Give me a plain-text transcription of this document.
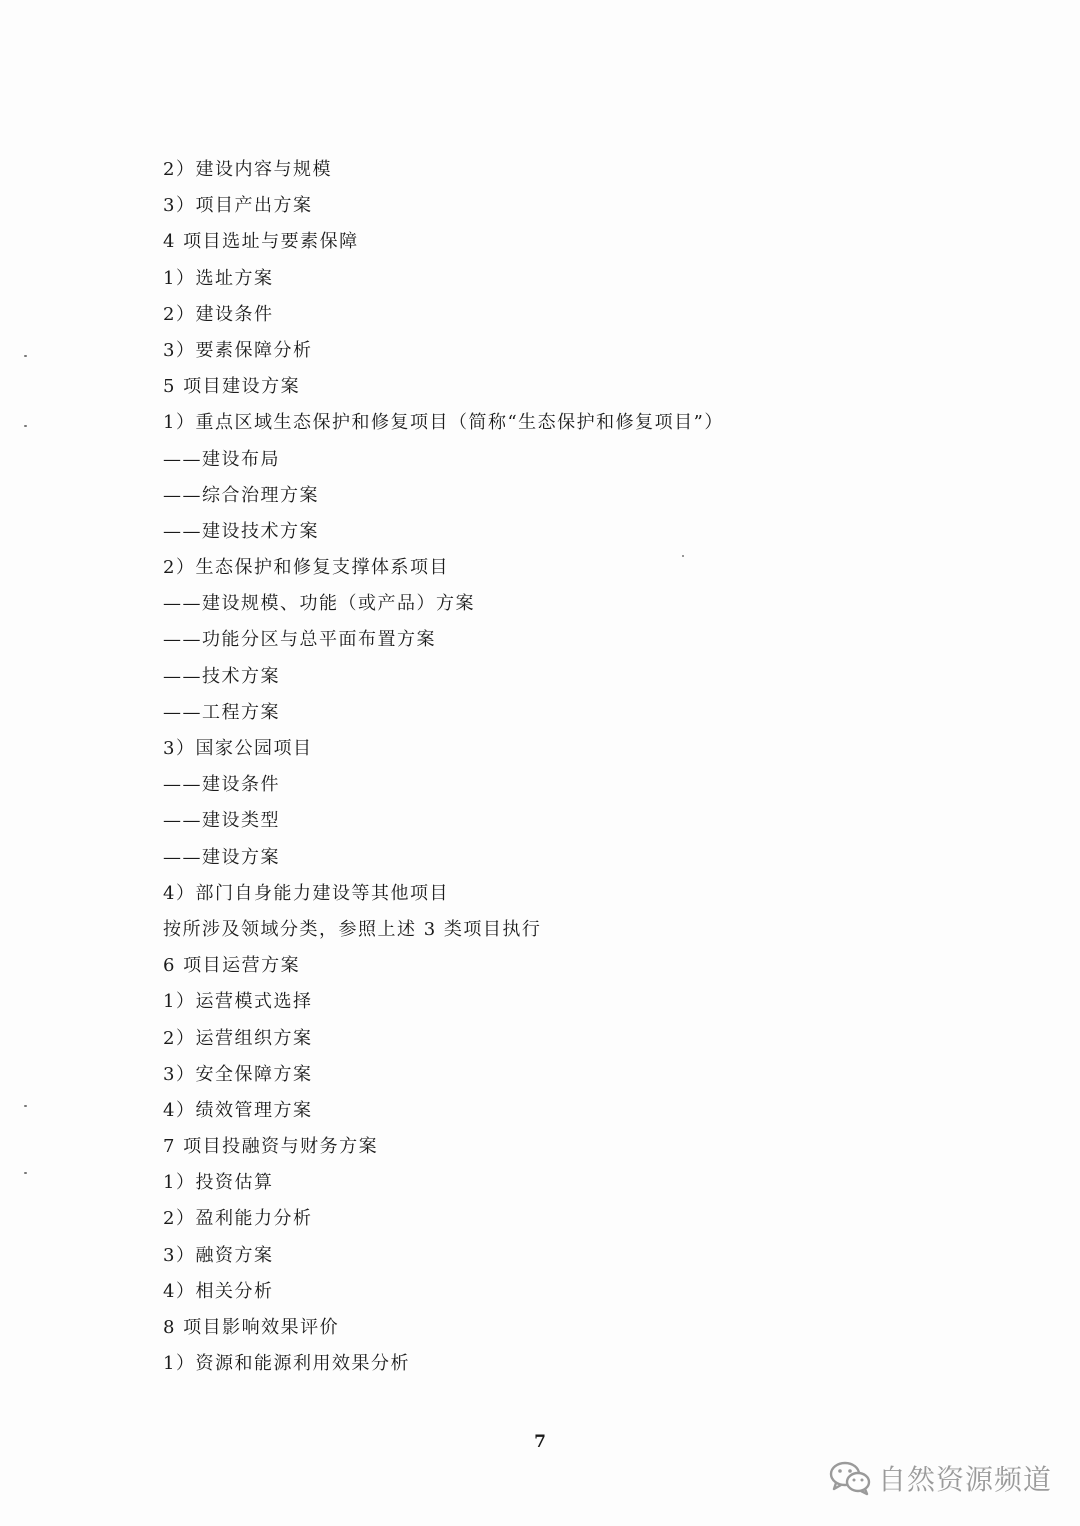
2）建设内容与规模
3）项目产出方案
4 项目选址与要素保障
1）选址方案
2）建设条件
3）要素保障分析
5 项目建设方案
1）重点区域生态保护和修复项目（简称“生态保护和修复项目”）
——建设布局
——综合治理方案
——建设技术方案
2）生态保护和修复支撑体系项目
——建设规模、功能（或产品）方案
——功能分区与总平面布置方案
——技术方案
——工程方案
3）国家公园项目
——建设条件
——建设类型
——建设方案
4）部门自身能力建设等其他项目
按所涉及领域分类，参照上述 3 类项目执行
6 项目运营方案
1）运营模式选择
2）运营组织方案
3）安全保障方案
4）绩效管理方案
7 项目投融资与财务方案
1）投资估算
2）盈利能力分析
3）融资方案
4）相关分析
8 项目影响效果评价
1）资源和能源利用效果分析
7
自然资源频道
